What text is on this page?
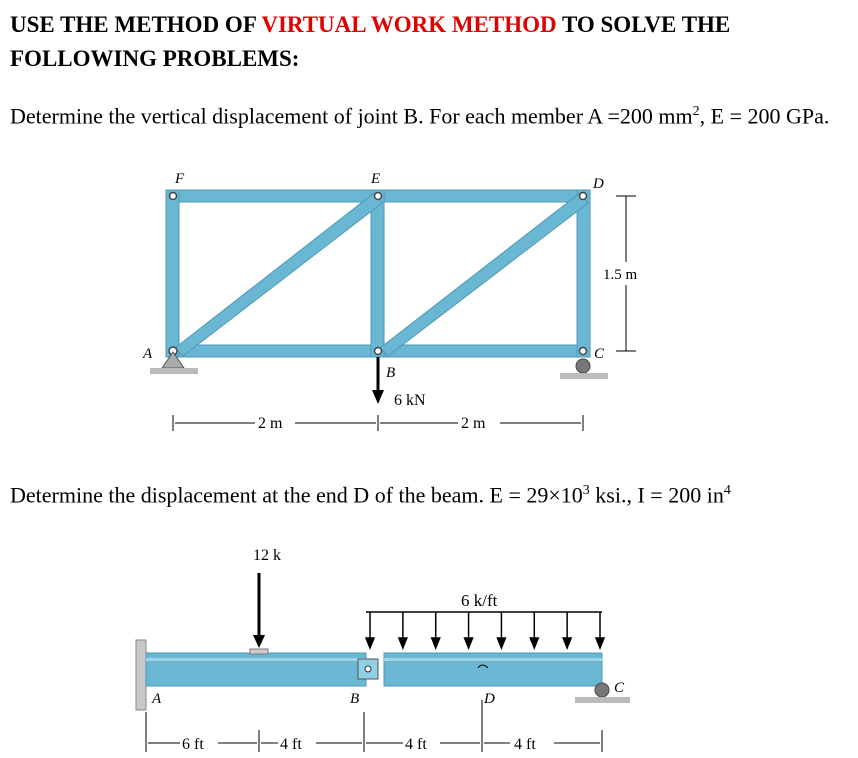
USE THE METHOD OF VIRTUAL WORK METHOD TO SOLVE THE FOLLOWING PROBLEMS:

Determine the vertical displacement of joint B. For each member A =200 $mm^2$, E = 200 GPa.

F	E	D
A
B
C
6 kN
1.5 m
2 m	2 m

Determine the displacement at the end D of the beam. $E = 29\times 10^3$ ksi., I = 200 $in^4$

12 k
6 k/ft
A	B
C
D
6 ft	4 ft	4 ft	4 ft
